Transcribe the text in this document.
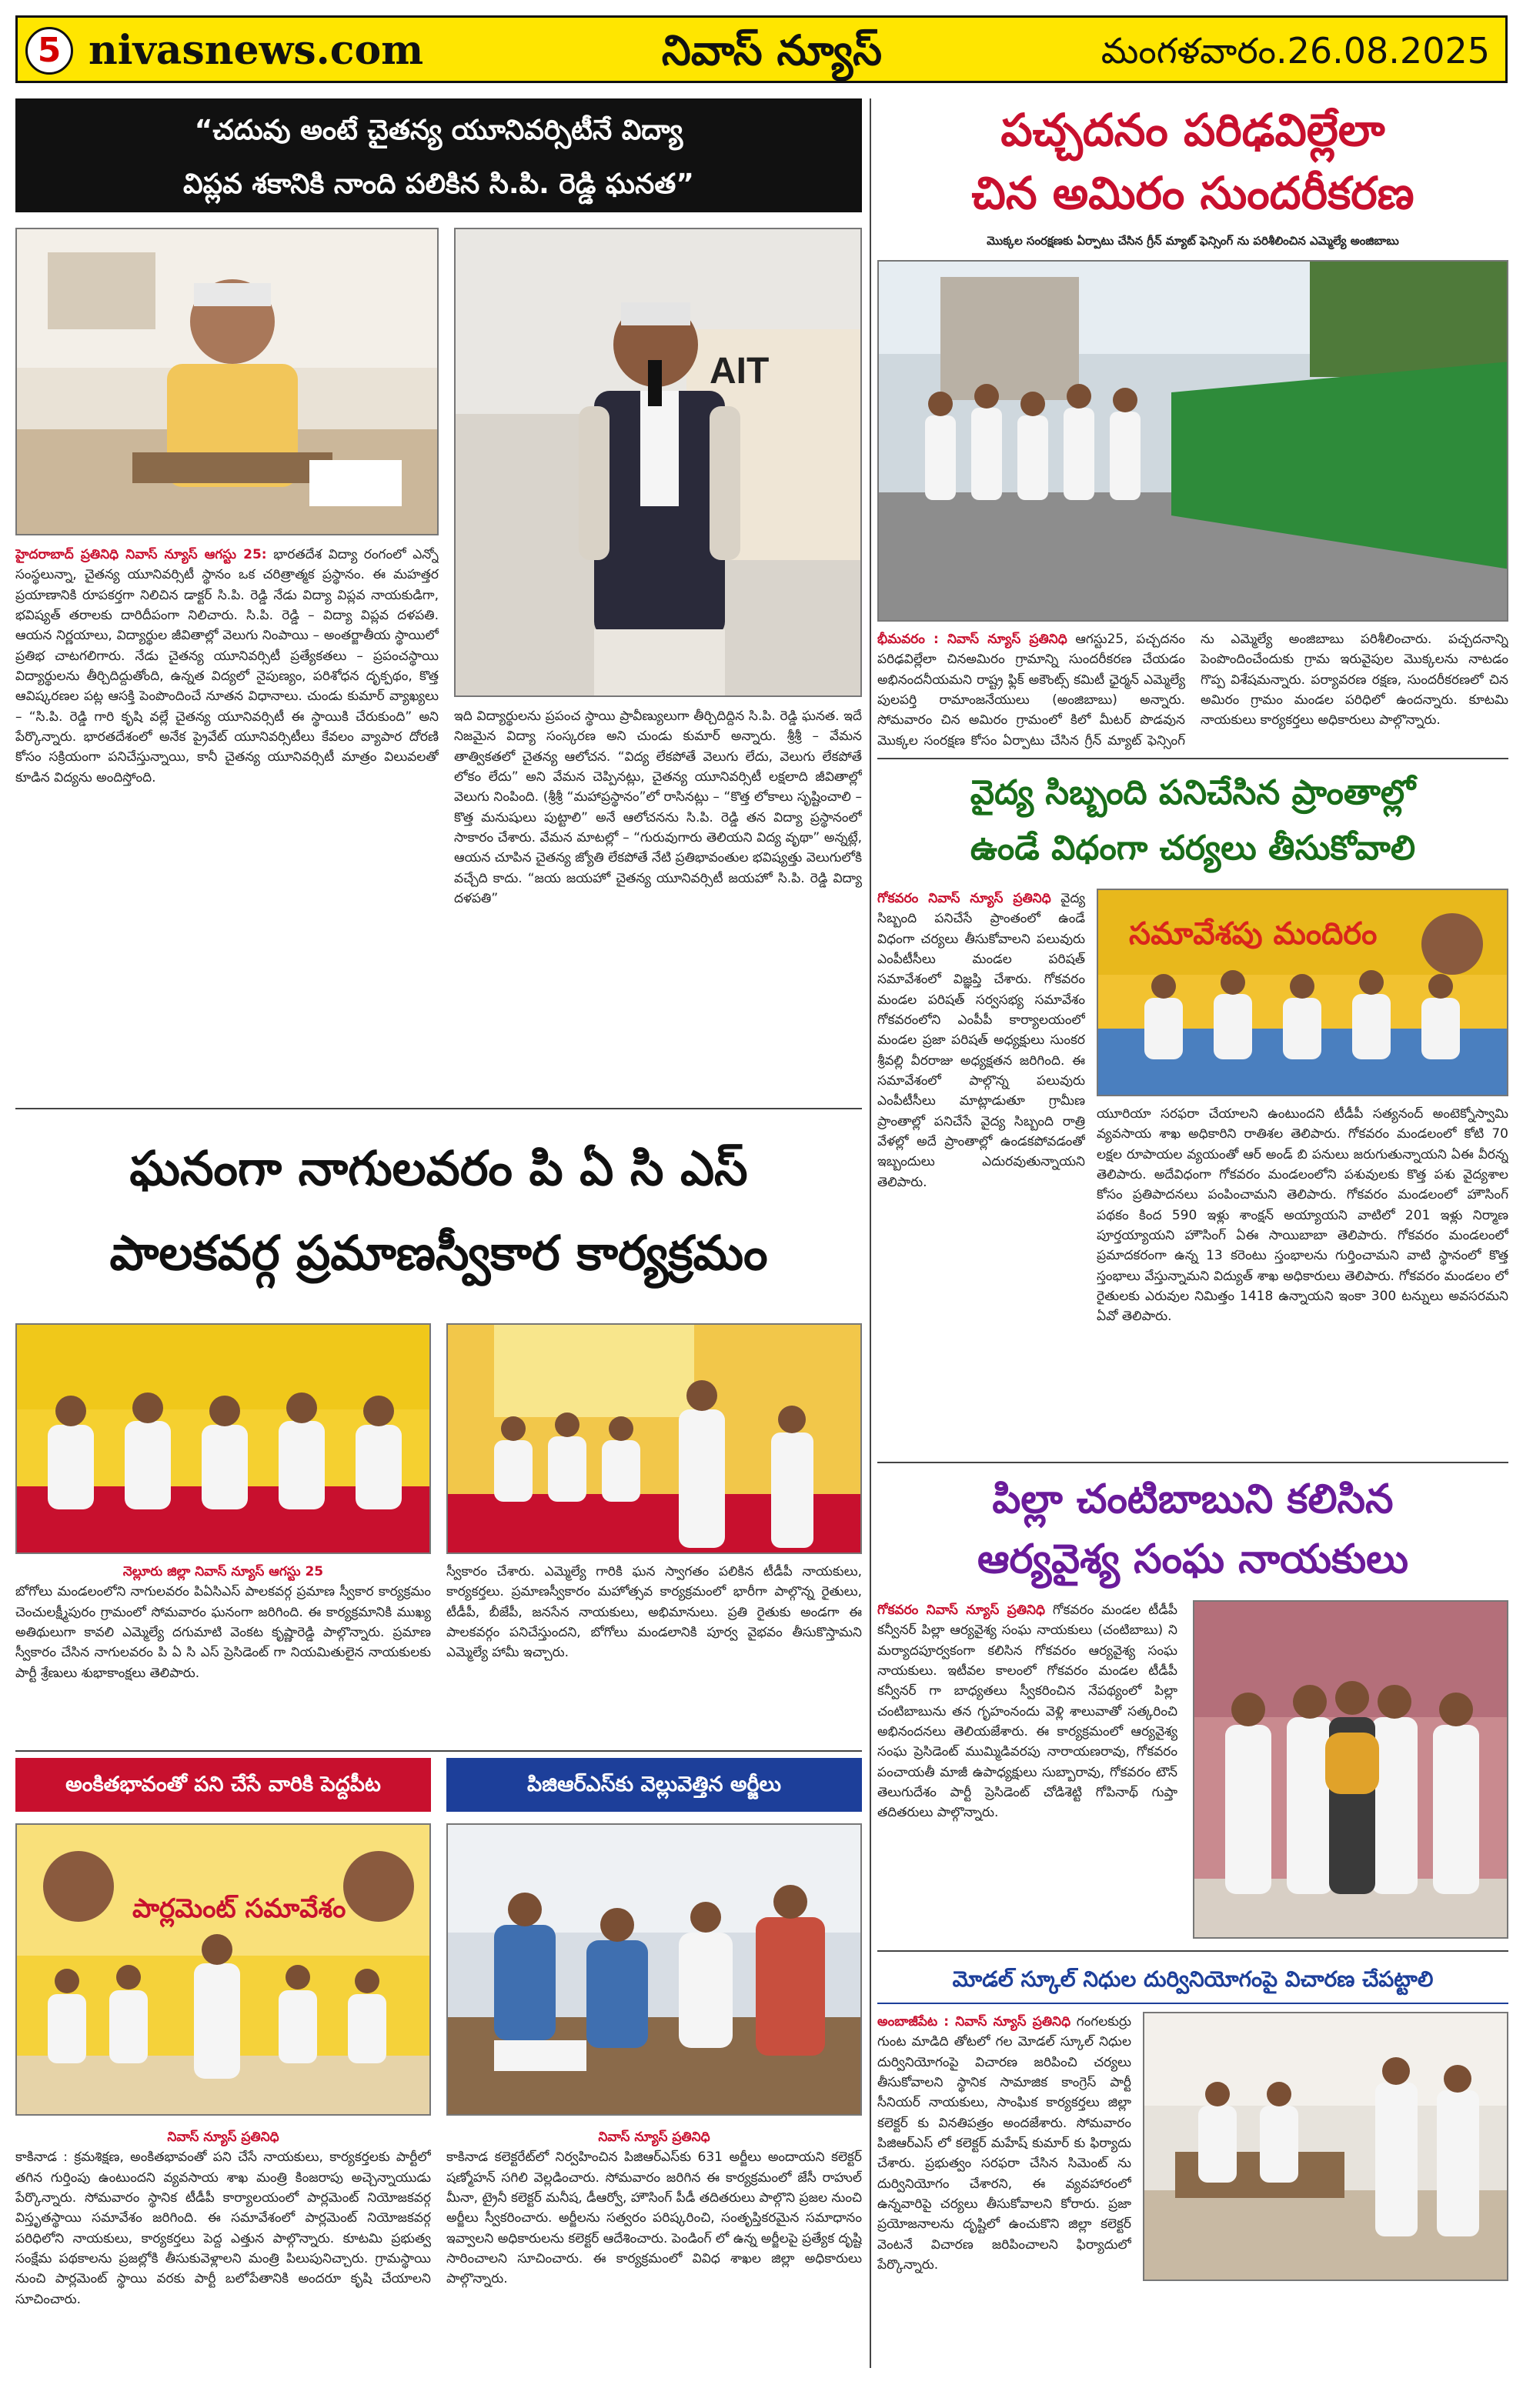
5 nivasnews.com	నివాస్ న్యూస్	మంగళవారం.26.08.2025
“చదువు అంటే చైతన్య యూనివర్సిటీనే విద్యా
విప్లవ శకానికి నాంది పలికిన సి.పి. రెడ్డి ఘనత”
AIT
హైదరాబాద్ ప్రతినిధి నివాస్ న్యూస్ ఆగస్టు 25: భారతదేశ విద్యా రంగంలో ఎన్నో సంస్థలున్నా, చైతన్య యూనివర్సిటీ స్థానం ఒక చరిత్రాత్మక ప్రస్థానం. ఈ మహత్తర ప్రయాణానికి రూపకర్తగా నిలిచిన డాక్టర్ సి.పి. రెడ్డి నేడు విద్యా విప్లవ నాయకుడిగా, భవిష్యత్ తరాలకు దారిదీపంగా నిలిచారు. సి.పి. రెడ్డి – విద్యా విప్లవ దళపతి. ఆయన నిర్ణయాలు, విద్యార్థుల జీవితాల్లో వెలుగు నింపాయి – అంతర్జాతీయ స్థాయిలో ప్రతిభ చాటగలిగారు. నేడు చైతన్య యూనివర్సిటీ ప్రత్యేకతలు – ప్రపంచస్థాయి విద్యార్థులను తీర్చిదిద్దుతోంది, ఉన్నత విద్యలో నైపుణ్యం, పరిశోధన దృక్పథం, కొత్త ఆవిష్కరణల పట్ల ఆసక్తి పెంపొందించే నూతన విధానాలు. చుండు కుమార్ వ్యాఖ్యలు – “సి.పి. రెడ్డి గారి కృషి వల్లే చైతన్య యూనివర్సిటీ ఈ స్థాయికి చేరుకుంది” అని పేర్కొన్నారు. భారతదేశంలో అనేక ప్రైవేట్ యూనివర్సిటీలు కేవలం వ్యాపార దోరణి కోసం సక్రియంగా పనిచేస్తున్నాయి, కానీ చైతన్య యూనివర్సిటీ మాత్రం విలువలతో కూడిన విద్యను అందిస్తోంది.
ఇది విద్యార్థులను ప్రపంచ స్థాయి ప్రావీణ్యులుగా తీర్చిదిద్దిన సి.పి. రెడ్డి ఘనత. ఇదే నిజమైన విద్యా సంస్కరణ అని చుండు కుమార్ అన్నారు. శ్రీశ్రీ – వేమన తాత్వికతలో చైతన్య ఆలోచన. “విద్య లేకపోతే వెలుగు లేదు, వెలుగు లేకపోతే లోకం లేదు” అని వేమన చెప్పినట్లు, చైతన్య యూనివర్సిటీ లక్షలాది జీవితాల్లో వెలుగు నింపింది. (శ్రీశ్రీ “మహాప్రస్థానం”లో రాసినట్లు – “కొత్త లోకాలు సృష్టించాలి – కొత్త మనుషులు పుట్టాలి” అనే ఆలోచనను సి.పి. రెడ్డి తన విద్యా ప్రస్థానంలో సాకారం చేశారు. వేమన మాటల్లో – “గురువుగారు తెలియని విద్య వృథా” అన్నట్లే, ఆయన చూపిన చైతన్య జ్యోతి లేకపోతే నేటి ప్రతిభావంతుల భవిష్యత్తు వెలుగులోకి వచ్చేది కాదు. “జయ జయహో చైతన్య యూనివర్సిటీ జయహో సి.పి. రెడ్డి విద్యా దళపతి”
పచ్చదనం పరిఢవిల్లేలా
చిన అమిరం సుందరీకరణ
మొక్కల సంరక్షణకు ఏర్పాటు చేసిన గ్రీన్ మ్యాట్ ఫెన్సింగ్ ను పరిశీలించిన ఎమ్మెల్యే అంజిబాబు
భీమవరం : నివాస్ న్యూస్ ప్రతినిధి ఆగస్టు25, పచ్చదనం పరిఢవిల్లేలా చినఅమిరం గ్రామాన్ని సుందరీకరణ చేయడం అభినందనీయమని రాష్ట్ర ఫ్లిక్ అకౌంట్స్ కమిటీ ఛైర్మన్ ఎమ్మెల్యే పులపర్తి రామాంజనేయులు (అంజిబాబు) అన్నారు. సోమవారం చిన అమిరం గ్రామంలో కిలో మీటర్ పొడవున మొక్కల సంరక్షణ కోసం ఏర్పాటు చేసిన గ్రీన్ మ్యాట్ ఫెన్సింగ్ ను ఎమ్మెల్యే అంజిబాబు పరిశీలించారు. పచ్చదనాన్ని పెంపొందించేందుకు గ్రామ ఇరువైపుల మొక్కలను నాటడం గొప్ప విశేషమన్నారు. పర్యావరణ రక్షణ, సుందరీకరణలో చిన అమిరం గ్రామం మండల పరిధిలో ఉందన్నారు. కూటమి నాయకులు కార్యకర్తలు అధికారులు పాల్గొన్నారు.
వైద్య సిబ్బంది పనిచేసిన ప్రాంతాల్లో
ఉండే విధంగా చర్యలు తీసుకోవాలి
గోకవరం నివాస్ న్యూస్ ప్రతినిధి వైద్య సిబ్బంది పనిచేసే ప్రాంతంలో ఉండే విధంగా చర్యలు తీసుకోవాలని పలువురు ఎంపీటీసీలు మండల పరిషత్ సమావేశంలో విజ్ఞప్తి చేశారు. గోకవరం మండల పరిషత్ సర్వసభ్య సమావేశం గోకవరంలోని ఎంపీపీ కార్యాలయంలో మండల ప్రజా పరిషత్ అధ్యక్షులు సుంకర శ్రీవల్లి వీరరాజు అధ్యక్షతన జరిగింది. ఈ సమావేశంలో పాల్గొన్న పలువురు ఎంపీటీసీలు మాట్లాడుతూ గ్రామీణ ప్రాంతాల్లో పనిచేసే వైద్య సిబ్బంది రాత్రి వేళల్లో అదే ప్రాంతాల్లో ఉండకపోవడంతో ఇబ్బందులు ఎదురవుతున్నాయని తెలిపారు.
సమావేశపు మందిరం
యూరియా సరఫరా చేయాలని ఉంటుందని టీడీపీ సత్యనంద్ అంటెక్నోస్వామి వ్యవసాయ శాఖ అధికారిని రాతిశల తెలిపారు. గోకవరం మండలంలో కోటి 70 లక్షల రూపాయల వ్యయంతో ఆర్ అండ్ బి పనులు జరుగుతున్నాయని ఏఈ వీరన్న తెలిపారు. అదేవిధంగా గోకవరం మండలంలోని పశువులకు కొత్త పశు వైద్యశాల కోసం ప్రతిపాదనలు పంపించామని తెలిపారు. గోకవరం మండలంలో హౌసింగ్ పథకం కింద 590 ఇళ్లు శాంక్షన్ అయ్యాయని వాటిలో 201 ఇళ్లు నిర్మాణ పూర్తయ్యాయని హౌసింగ్ ఏఈ సాయిబాబా తెలిపారు. గోకవరం మండలంలో ప్రమాదకరంగా ఉన్న 13 కరెంటు స్తంభాలను గుర్తించామని వాటి స్థానంలో కొత్త స్తంభాలు వేస్తున్నామని విద్యుత్ శాఖ అధికారులు తెలిపారు. గోకవరం మండలం లో రైతులకు ఎరువుల నిమిత్తం 1418 ఉన్నాయని ఇంకా 300 టన్నులు అవసరమని ఏవో తెలిపారు.
పిల్లా చంటిబాబుని కలిసిన
ఆర్యవైశ్య సంఘ నాయకులు
గోకవరం నివాస్ న్యూస్ ప్రతినిధి గోకవరం మండల టీడీపీ కన్వీనర్ పిల్లా ఆర్యవైశ్య సంఘ నాయకులు (చంటిబాబు) ని మర్యాదపూర్వకంగా కలిసిన గోకవరం ఆర్యవైశ్య సంఘ నాయకులు. ఇటీవల కాలంలో గోకవరం మండల టీడీపీ కన్వీనర్ గా బాధ్యతలు స్వీకరించిన నేపథ్యంలో పిల్లా చంటిబాబును తన గృహంనందు వెళ్లి శాలువాతో సత్కరించి అభినందనలు తెలియజేశారు. ఈ కార్యక్రమంలో ఆర్యవైశ్య సంఘ ప్రెసిడెంట్ ముమ్మిడివరపు నారాయణరావు, గోకవరం పంచాయతీ మాజీ ఉపాధ్యక్షులు సుబ్బారావు, గోకవరం టౌన్ తెలుగుదేశం పార్టీ ప్రెసిడెంట్ చోడిశెట్టి గోపినాథ్ గుప్తా తదితరులు పాల్గొన్నారు.
మోడల్ స్కూల్ నిధుల దుర్వినియోగంపై విచారణ చేపట్టాలి
అంబాజీపేట : నివాస్ న్యూస్ ప్రతినిధి గంగలకుర్రు గుంట మాడిది తోటలో గల మోడల్ స్కూల్ నిధుల దుర్వినియోగంపై విచారణ జరిపించి చర్యలు తీసుకోవాలని స్థానిక సామాజిక కాంగ్రెస్ పార్టీ సీనియర్ నాయకులు, సాంఘిక కార్యకర్తలు జిల్లా కలెక్టర్ కు వినతిపత్రం అందజేశారు. సోమవారం పిజిఆర్ఎస్ లో కలెక్టర్ మహేష్ కుమార్ కు ఫిర్యాదు చేశారు. ప్రభుత్వం సరఫరా చేసిన సిమెంట్ ను దుర్వినియోగం చేశారని, ఈ వ్యవహారంలో ఉన్నవారిపై చర్యలు తీసుకోవాలని కోరారు. ప్రజా ప్రయోజనాలను దృష్టిలో ఉంచుకొని జిల్లా కలెక్టర్ వెంటనే విచారణ జరిపించాలని ఫిర్యాదులో పేర్కొన్నారు.
ఘనంగా నాగులవరం పి ఏ సి ఎస్
పాలకవర్గ ప్రమాణస్వీకార కార్యక్రమం
నెల్లూరు జిల్లా నివాస్ న్యూస్ ఆగస్టు 25
బోగోలు మండలంలోని నాగులవరం పిఏసిఎస్ పాలకవర్గ ప్రమాణ స్వీకార కార్యక్రమం చెంచులక్ష్మీపురం గ్రామంలో సోమవారం ఘనంగా జరిగింది. ఈ కార్యక్రమానికి ముఖ్య అతిథులుగా కావలి ఎమ్మెల్యే దగుమాటి వెంకట కృష్ణారెడ్డి పాల్గొన్నారు. ప్రమాణ స్వీకారం చేసిన నాగులవరం పి ఏ సి ఎస్ ప్రెసిడెంట్ గా నియమితులైన నాయకులకు పార్టీ శ్రేణులు శుభాకాంక్షలు తెలిపారు.
స్వీకారం చేశారు. ఎమ్మెల్యే గారికి ఘన స్వాగతం పలికిన టీడీపీ నాయకులు, కార్యకర్తలు. ప్రమాణస్వీకారం మహోత్సవ కార్యక్రమంలో భారీగా పాల్గొన్న రైతులు, టీడీపీ, బీజేపీ, జనసేన నాయకులు, అభిమానులు. ప్రతి రైతుకు అండగా ఈ పాలకవర్గం పనిచేస్తుందని, బోగోలు మండలానికి పూర్వ వైభవం తీసుకొస్తామని ఎమ్మెల్యే హామీ ఇచ్చారు.
అంకితభావంతో పని చేసే వారికి పెద్దపీట
పార్లమెంట్ సమావేశం
నివాస్ న్యూస్ ప్రతినిధి
కాకినాడ : క్రమశిక్షణ, అంకితభావంతో పని చేసే నాయకులు, కార్యకర్తలకు పార్టీలో తగిన గుర్తింపు ఉంటుందని వ్యవసాయ శాఖ మంత్రి కింజరాపు అచ్చెన్నాయుడు పేర్కొన్నారు. సోమవారం స్థానిక టీడీపీ కార్యాలయంలో పార్లమెంట్ నియోజకవర్గ విస్తృతస్థాయి సమావేశం జరిగింది. ఈ సమావేశంలో పార్లమెంట్ నియోజకవర్గ పరిధిలోని నాయకులు, కార్యకర్తలు పెద్ద ఎత్తున పాల్గొన్నారు. కూటమి ప్రభుత్వ సంక్షేమ పథకాలను ప్రజల్లోకి తీసుకువెళ్లాలని మంత్రి పిలుపునిచ్చారు. గ్రామస్థాయి నుంచి పార్లమెంట్ స్థాయి వరకు పార్టీ బలోపేతానికి అందరూ కృషి చేయాలని సూచించారు.
పిజిఆర్ఎస్‌కు వెల్లువెత్తిన అర్జీలు
నివాస్ న్యూస్ ప్రతినిధి
కాకినాడ కలెక్టరేట్‌లో నిర్వహించిన పిజిఆర్ఎస్‌కు 631 అర్జీలు అందాయని కలెక్టర్ షణ్మోహన్ సగిలి వెల్లడించారు. సోమవారం జరిగిన ఈ కార్యక్రమంలో జేసీ రాహుల్ మీనా, ట్రైనీ కలెక్టర్ మనీష, డీఆర్వో, హౌసింగ్ పీడీ తదితరులు పాల్గొని ప్రజల నుంచి అర్జీలు స్వీకరించారు. అర్జీలను సత్వరం పరిష్కరించి, సంతృప్తికరమైన సమాధానం ఇవ్వాలని అధికారులను కలెక్టర్ ఆదేశించారు. పెండింగ్ లో ఉన్న అర్జీలపై ప్రత్యేక దృష్టి సారించాలని సూచించారు. ఈ కార్యక్రమంలో వివిధ శాఖల జిల్లా అధికారులు పాల్గొన్నారు.
